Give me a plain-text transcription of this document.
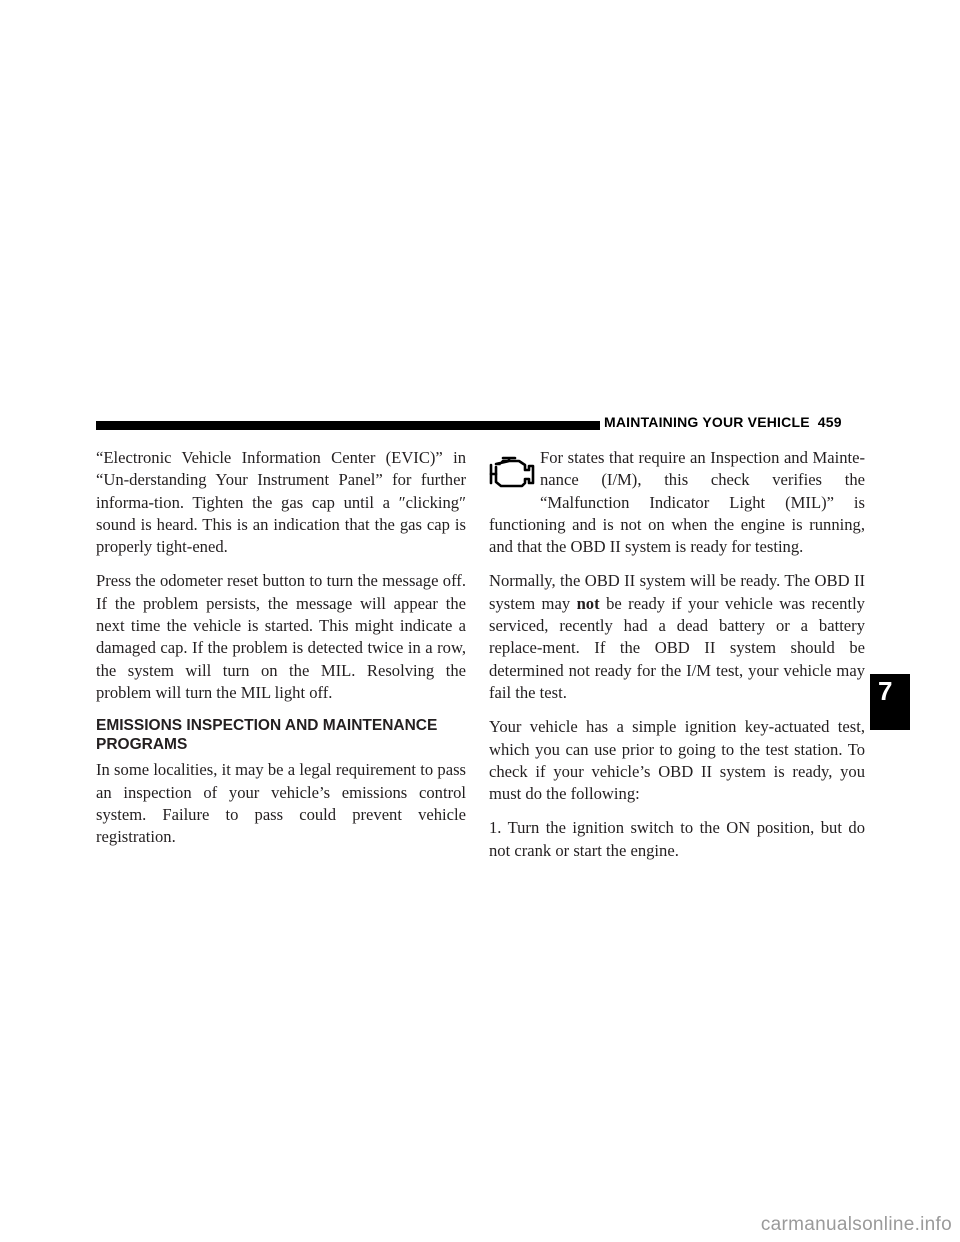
MAINTAINING YOUR VEHICLE 459

“Electronic Vehicle Information Center (EVIC)” in “Un-derstanding Your Instrument Panel” for further informa-tion. Tighten the gas cap until a ″clicking″ sound is heard. This is an indication that the gas cap is properly tight-ened.

Press the odometer reset button to turn the message off. If the problem persists, the message will appear the next time the vehicle is started. This might indicate a damaged cap. If the problem is detected twice in a row, the system will turn on the MIL. Resolving the problem will turn the MIL light off.

EMISSIONS INSPECTION AND MAINTENANCE PROGRAMS

In some localities, it may be a legal requirement to pass an inspection of your vehicle’s emissions control system. Failure to pass could prevent vehicle registration.

For states that require an Inspection and Mainte-nance (I/M), this check verifies the “Malfunction Indicator Light (MIL)” is functioning and is not on when the engine is running, and that the OBD II system is ready for testing.

Normally, the OBD II system will be ready. The OBD II system may not be ready if your vehicle was recently serviced, recently had a dead battery or a battery replace-ment. If the OBD II system should be determined not ready for the I/M test, your vehicle may fail the test.

Your vehicle has a simple ignition key-actuated test, which you can use prior to going to the test station. To check if your vehicle’s OBD II system is ready, you must do the following:

1. Turn the ignition switch to the ON position, but do not crank or start the engine.

7
carmanualsonline.info
